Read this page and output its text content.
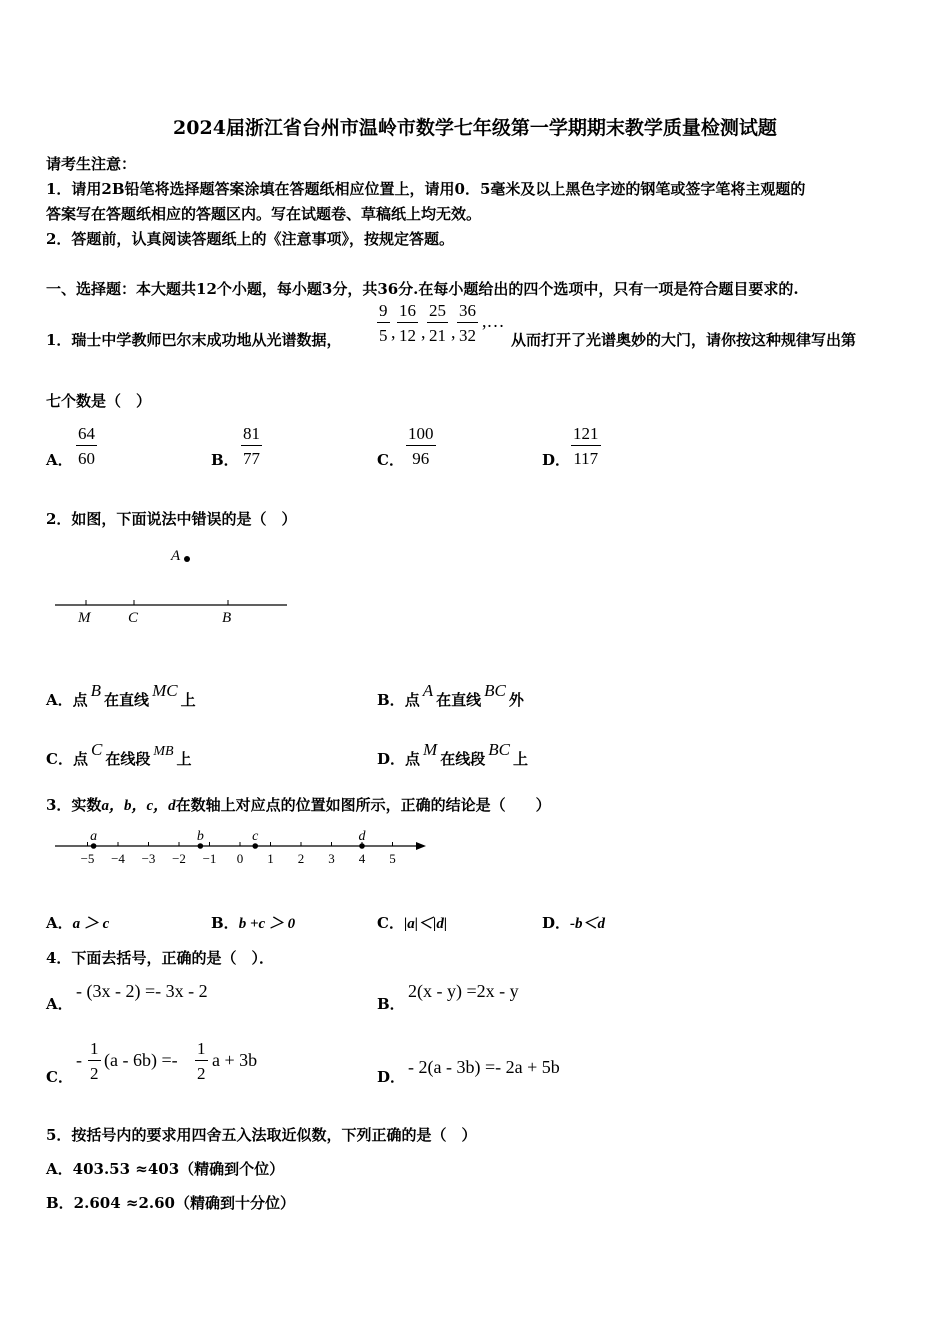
2024届浙江省台州市温岭市数学七年级第一学期期末教学质量检测试题
请考生注意：
1．请用2B铅笔将选择题答案涂填在答题纸相应位置上，请用0．5毫米及以上黑色字迹的钢笔或签字笔将主观题的
答案写在答题纸相应的答题区内。写在试题卷、草稿纸上均无效。
2．答题前，认真阅读答题纸上的《注意事项》，按规定答题。
一、选择题：本大题共12个小题，每小题3分，共36分.在每小题给出的四个选项中，只有一项是符合题目要求的.
1．瑞士中学教师巴尔末成功地从光谱数据， $\frac{9}{5}$ , $\frac{16}{12}$ , $\frac{25}{21}$ , $\frac{36}{32}$ ,…
从而打开了光谱奥妙的大门，请你按这种规律写出第
七个数是（　）
A． $\frac{64}{60}$	B． $\frac{81}{77}$	C． $\frac{100}{96}$	D． $\frac{121}{117}$
2．如图，下面说法中错误的是（　）
A
M	C	B
A．点 B 在直线 MC 上	B．点 A 在直线 BC 外
C．点 C 在线段 MB 上	D．点 M 在线段 BC 上
3．实数a，b，c，d在数轴上对应点的位置如图所示，正确的结论是（　　）
−5 −4 −3 −2 −1 0 1 2 3 4 5
a	b	c	d
A．a ＞ c	B．b +c ＞ 0	C．|a|＜|d|	D．-b＜d
4．下面去括号，正确的是（　）．
A．
- (3x - 2) =- 3x - 2
B．
2(x - y) =2x - y
C．
- $\frac{1}{2} (a - 6b) =- \frac{1}{2}$ a + 3b
D． - 2(a - 3b) =- 2a + 5b
5．按括号内的要求用四舍五入法取近似数，下列正确的是（　）
A．403.53 ≈403（精确到个位）
B．2.604 ≈2.60（精确到十分位）
